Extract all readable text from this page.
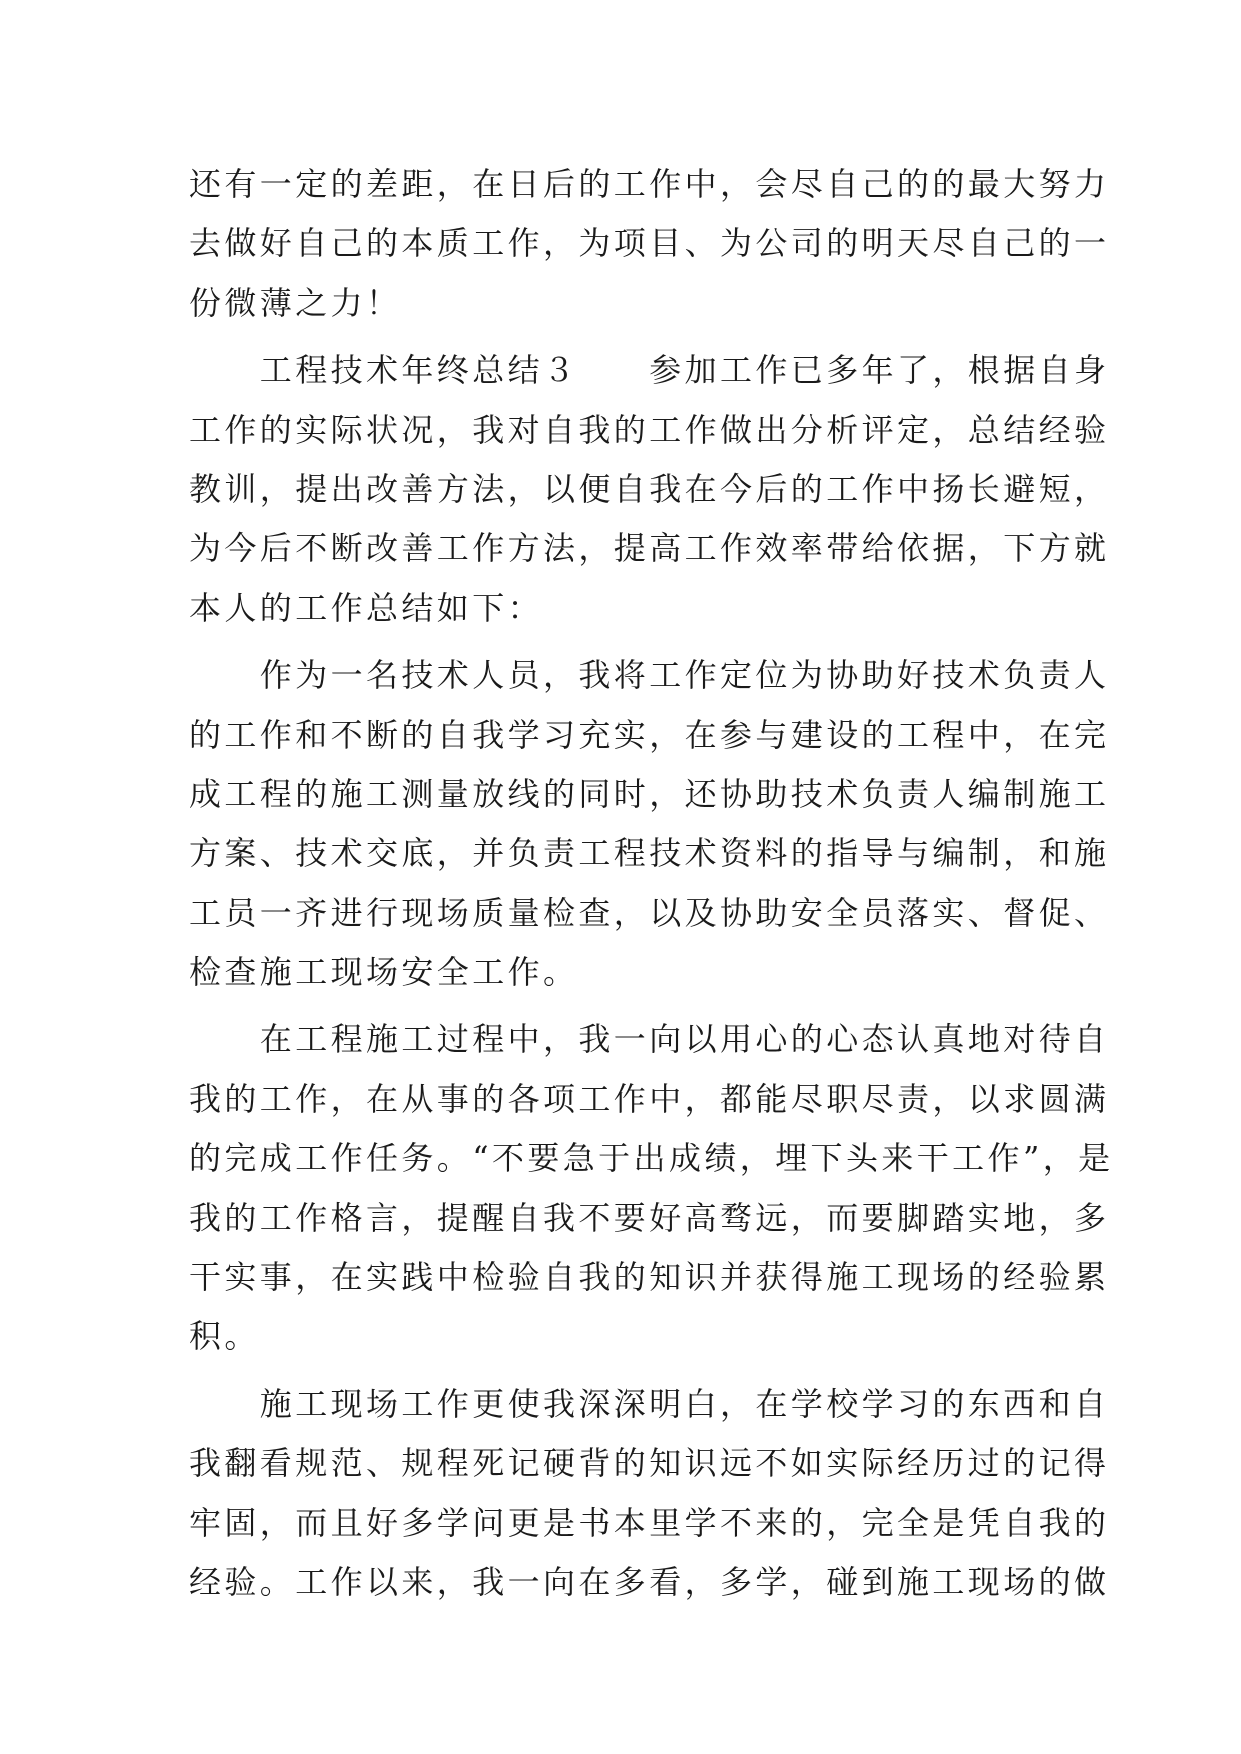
还有一定的差距，在日后的工作中，会尽自己的的最大努力
去做好自己的本质工作，为项目、为公司的明天尽自己的一
份微薄之力！
　　工程技术年终总结３　　参加工作已多年了，根据自身
工作的实际状况，我对自我的工作做出分析评定，总结经验
教训，提出改善方法，以便自我在今后的工作中扬长避短，
为今后不断改善工作方法，提高工作效率带给依据，下方就
本人的工作总结如下：
　　作为一名技术人员，我将工作定位为协助好技术负责人
的工作和不断的自我学习充实，在参与建设的工程中，在完
成工程的施工测量放线的同时，还协助技术负责人编制施工
方案、技术交底，并负责工程技术资料的指导与编制，和施
工员一齐进行现场质量检查，以及协助安全员落实、督促、
检查施工现场安全工作。
　　在工程施工过程中，我一向以用心的心态认真地对待自
我的工作，在从事的各项工作中，都能尽职尽责，以求圆满
的完成工作任务。“不要急于出成绩，埋下头来干工作”，是
我的工作格言，提醒自我不要好高骛远，而要脚踏实地，多
干实事，在实践中检验自我的知识并获得施工现场的经验累
积。
　　施工现场工作更使我深深明白，在学校学习的东西和自
我翻看规范、规程死记硬背的知识远不如实际经历过的记得
牢固，而且好多学问更是书本里学不来的，完全是凭自我的
经验。工作以来，我一向在多看，多学，碰到施工现场的做
